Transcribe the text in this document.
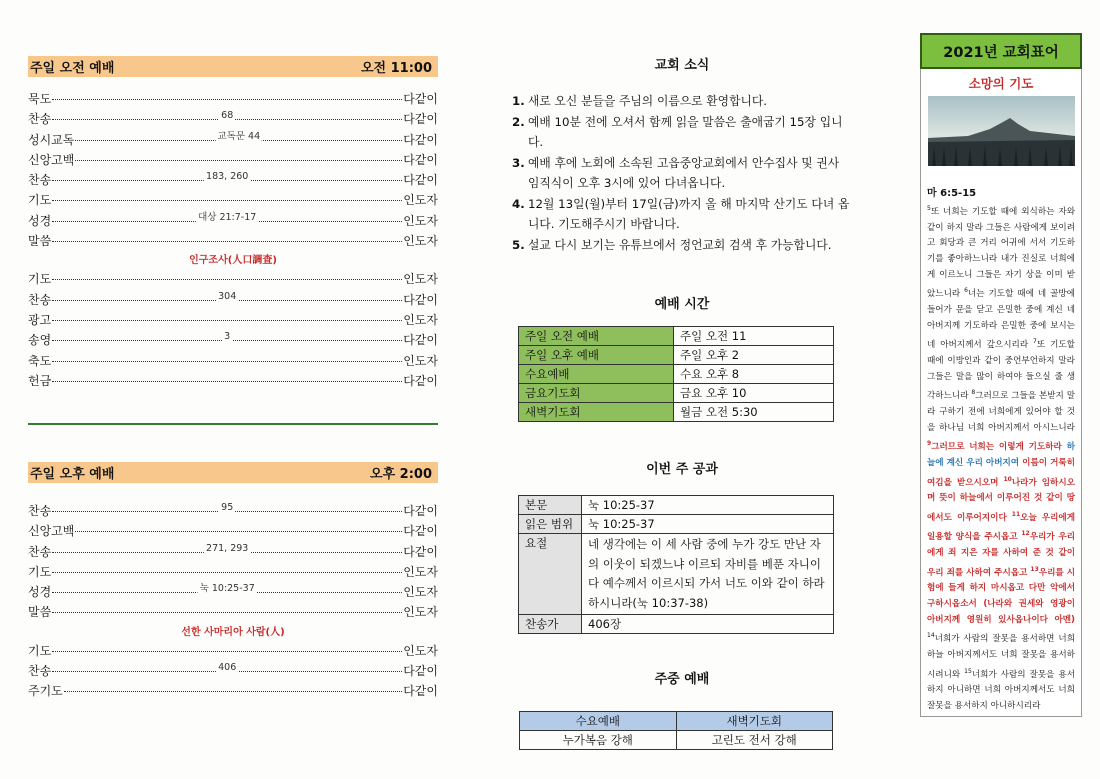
주일 오전 예배	오전 11:00
묵도	다같이
찬송	68	다같이
성시교독	교독문 44	다같이
신앙고백	다같이
찬송	183, 260	다같이
기도	인도자
성경	대상 21:7-17	인도자
말씀	인도자
인구조사(人口調査)
기도	인도자
찬송	304	다같이
광고	인도자
송영	3	다같이
축도	인도자
헌금	다같이
주일 오후 예배	오후 2:00
찬송	95	다같이
신앙고백	다같이
찬송	271, 293	다같이
기도	인도자
성경	눅 10:25-37	인도자
말씀	인도자
선한 사마리아 사람(人)
기도	인도자
찬송	406	다같이
주기도	다같이
교회 소식
1. 새로 오신 분들을 주님의 이름으로 환영합니다.
2. 예배 10분 전에 오셔서 함께 읽을 말씀은 출애굽기 15장 입니다.
3. 예배 후에 노회에 소속된 고읍중앙교회에서 안수집사 및 권사 임직식이 오후 3시에 있어 다녀옵니다.
4. 12월 13일(월)부터 17일(금)까지 올 해 마지막 산기도 다녀 옵니다. 기도해주시기 바랍니다.
5. 설교 다시 보기는 유튜브에서 정언교회 검색 후 가능합니다.
예배 시간
주일 오전 예배	주일 오전 11
주일 오후 예배	주일 오후 2
수요예배	수요 오후 8
금요기도회	금요 오후 10
새벽기도회	월금 오전 5:30
이번 주 공과
본문	눅 10:25-37
읽은 범위	눅 10:25-37
요절	네 생각에는 이 세 사람 중에 누가 강도 만난 자의 이웃이 되겠느냐 이르되 자비를 베푼 자니이다 예수께서 이르시되 가서 너도 이와 같이 하라 하시니라(눅 10:37-38)
찬송가	406장
주중 예배
수요예배	새벽기도회
누가복음 강해	고린도 전서 강해
2021년 교회표어
소망의 기도
마 6:5-15
$^5$또 너희는 기도할 때에 외식하는 자와 같이 하지 말라 그들은 사람에게 보이려고 회당과 큰 거리 어귀에 서서 기도하기를 좋아하느니라 내가 진실로 너희에게 이르노니 그들은 자기 상을 이미 받았느니라 $^6$너는 기도할 때에 네 골방에 들어가 문을 닫고 은밀한 중에 계신 네 아버지께 기도하라 은밀한 중에 보시는 네 아버지께서 갚으시리라 $^7$또 기도할 때에 이방인과 같이 중언부언하지 말라 그들은 말을 많이 하여야 들으실 줄 생각하느니라 $^8$그러므로 그들을 본받지 말라 구하기 전에 너희에게 있어야 할 것을 하나님 너희 아버지께서 아시느니라 $^9$그러므로 너희는 이렇게 기도하라 하늘에 계신 우리 아버지여 이름이 거룩히 여김을 받으시오며 $^{10}$나라가 임하시오며 뜻이 하늘에서 이루어진 것 같이 땅에서도 이루어지이다 $^{11}$오늘 우리에게 일용할 양식을 주시옵고 $^{12}$우리가 우리에게 죄 지은 자를 사하여 준 것 같이 우리 죄를 사하여 주시옵고 $^{13}$우리를 시험에 들게 하지 마시옵고 다만 악에서 구하시옵소서 (나라와 권세와 영광이 아버지께 영원히 있사옵나이다 아멘) $^{14}$너희가 사람의 잘못을 용서하면 너희 하늘 아버지께서도 너희 잘못을 용서하시려니와 $^{15}$너희가 사람의 잘못을 용서하지 아니하면 너희 아버지께서도 너희 잘못을 용서하지 아니하시리라
